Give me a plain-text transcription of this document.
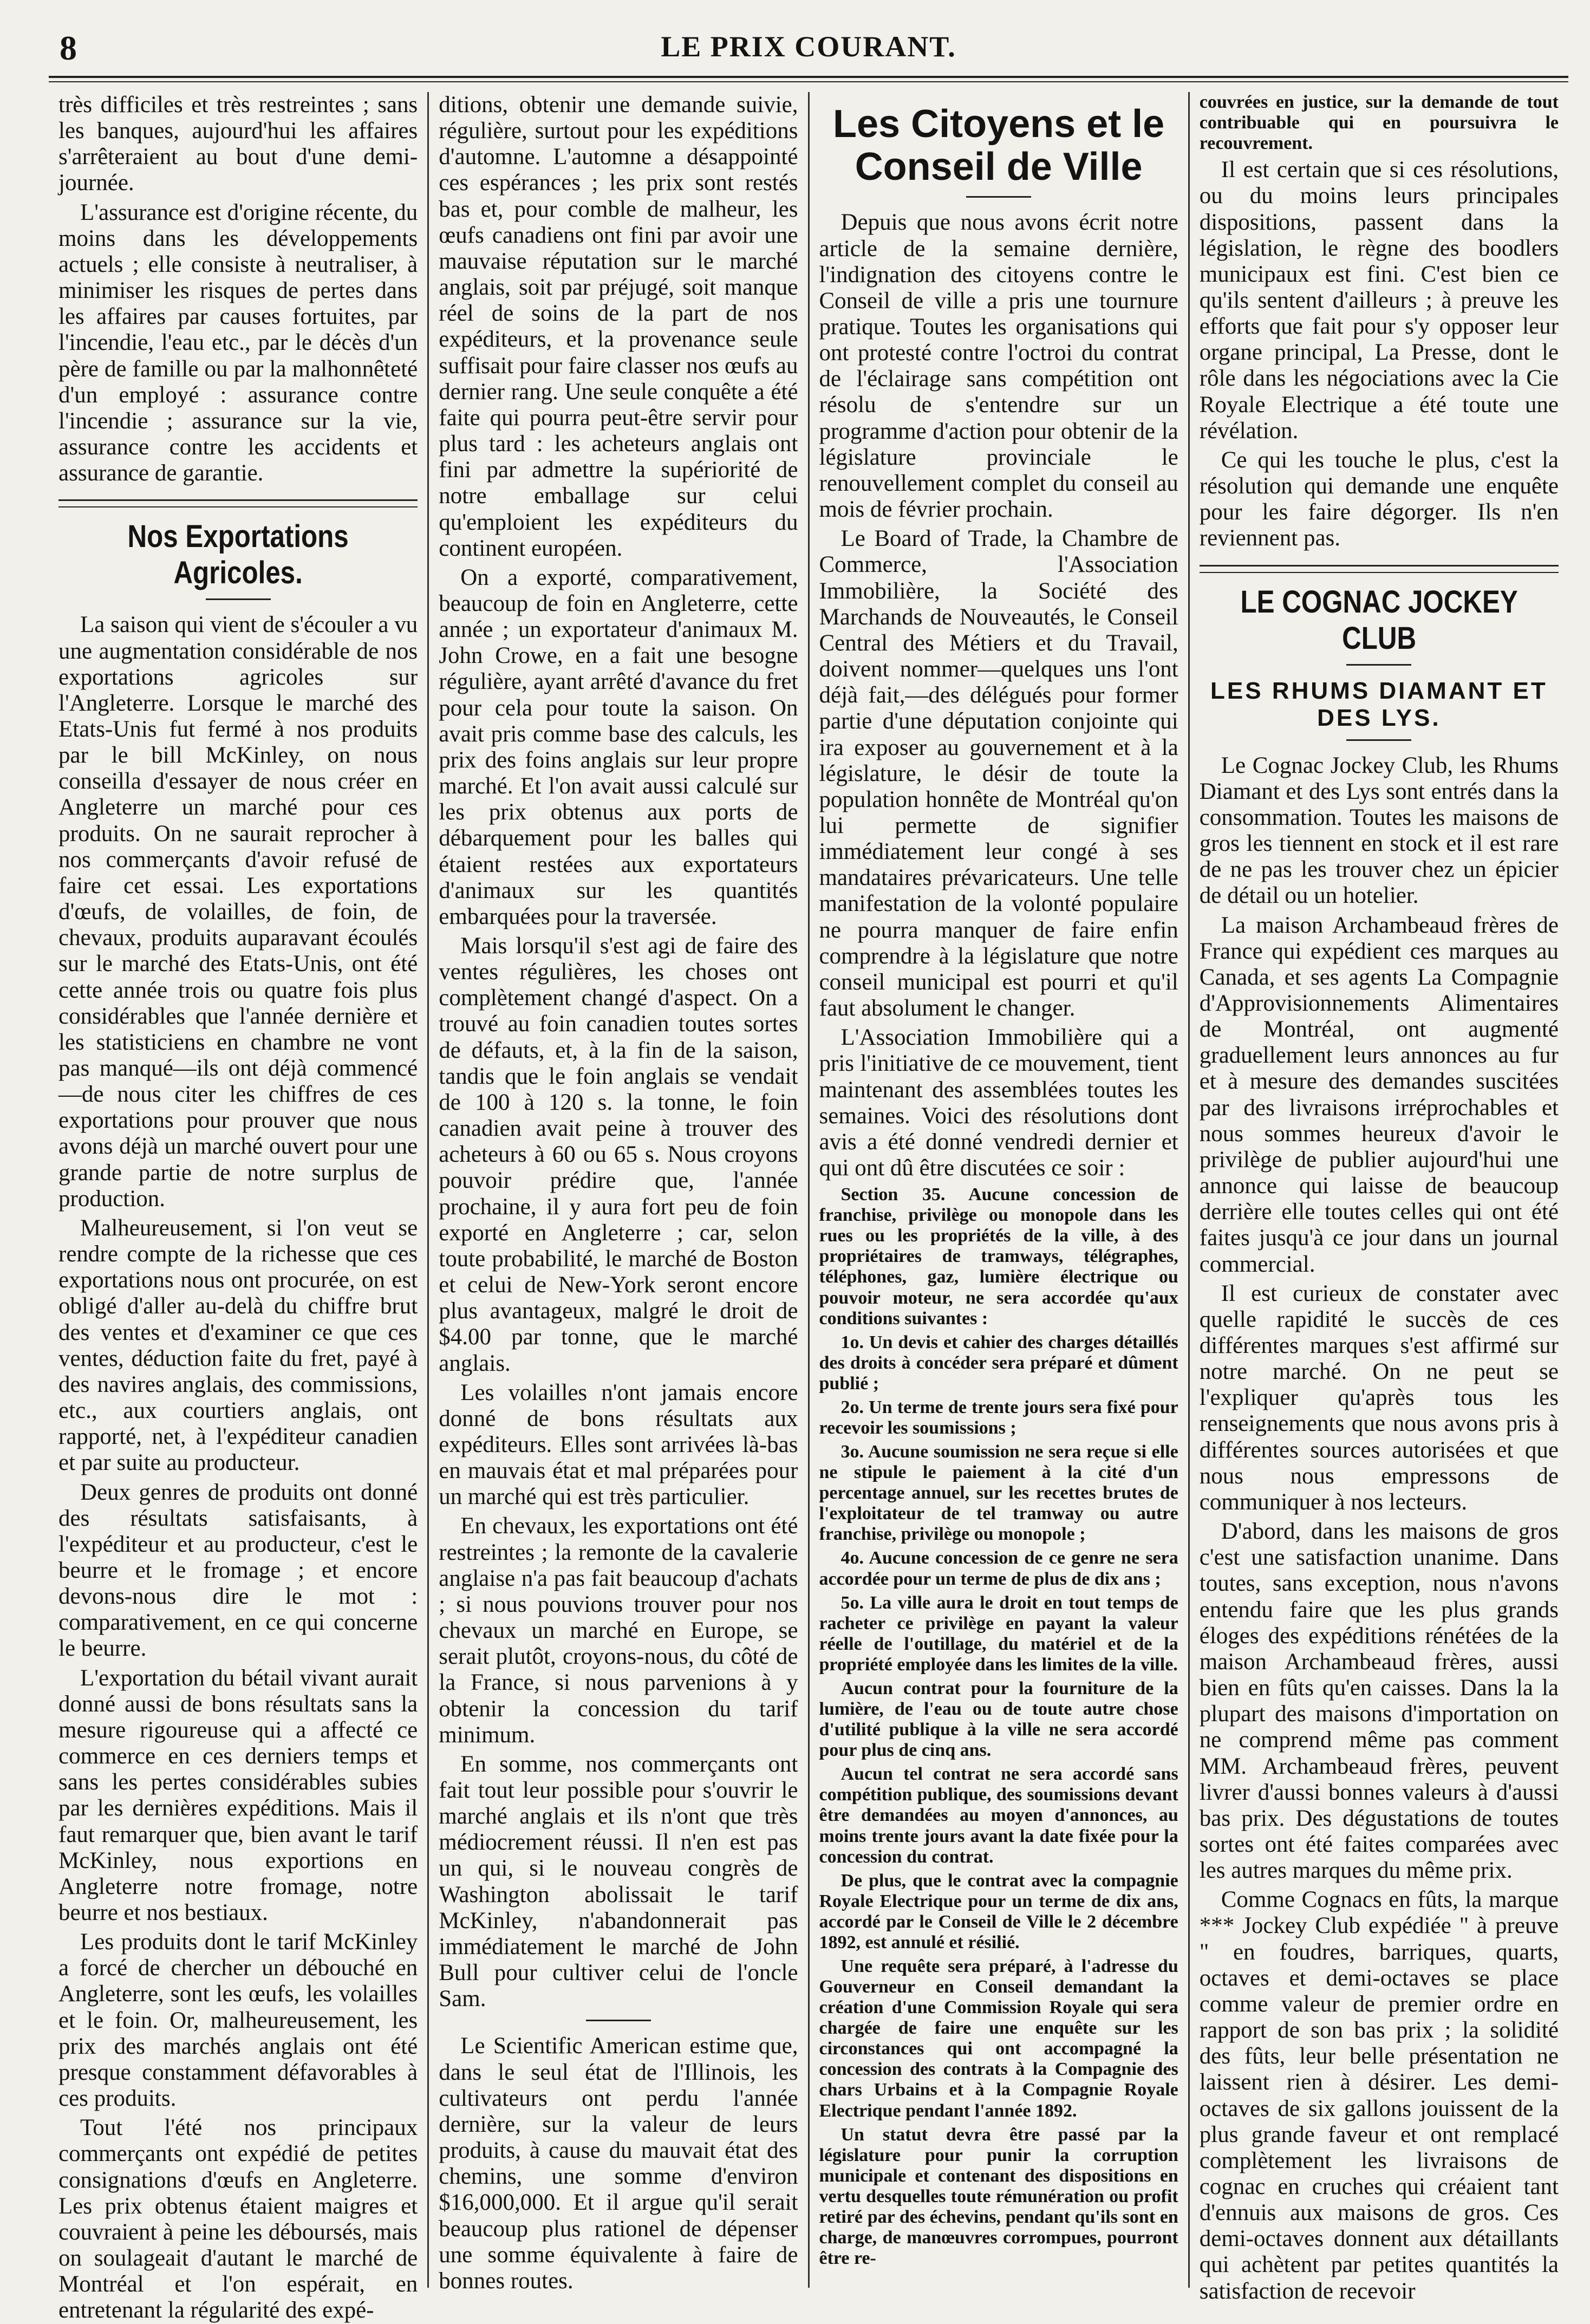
8	LE PRIX COURANT.

très difficiles et très restreintes ; sans les banques, aujourd'hui les affaires s'arrêteraient au bout d'une demi-journée.

L'assurance est d'origine récente, du moins dans les développements actuels ; elle consiste à neutraliser, à minimiser les risques de pertes dans les affaires par causes fortuites, par l'incendie, l'eau etc., par le décès d'un père de famille ou par la malhonnêteté d'un employé : assurance contre l'incendie ; assurance sur la vie, assurance contre les accidents et assurance de garantie.

Nos Exportations Agricoles.

La saison qui vient de s'écouler a vu une augmentation considérable de nos exportations agricoles sur l'Angleterre. Lorsque le marché des Etats-Unis fut fermé à nos produits par le bill McKinley, on nous conseilla d'essayer de nous créer en Angleterre un marché pour ces produits. On ne saurait reprocher à nos commerçants d'avoir refusé de faire cet essai. Les exportations d'œufs, de volailles, de foin, de chevaux, produits auparavant écoulés sur le marché des Etats-Unis, ont été cette année trois ou quatre fois plus considérables que l'année dernière et les statisticiens en chambre ne vont pas manqué—ils ont déjà commencé—de nous citer les chiffres de ces exportations pour prouver que nous avons déjà un marché ouvert pour une grande partie de notre surplus de production.

Malheureusement, si l'on veut se rendre compte de la richesse que ces exportations nous ont procurée, on est obligé d'aller au-delà du chiffre brut des ventes et d'examiner ce que ces ventes, déduction faite du fret, payé à des navires anglais, des commissions, etc., aux courtiers anglais, ont rapporté, net, à l'expéditeur canadien et par suite au producteur.

Deux genres de produits ont donné des résultats satisfaisants, à l'expéditeur et au producteur, c'est le beurre et le fromage ; et encore devons-nous dire le mot : comparativement, en ce qui concerne le beurre.

L'exportation du bétail vivant aurait donné aussi de bons résultats sans la mesure rigoureuse qui a affecté ce commerce en ces derniers temps et sans les pertes considérables subies par les dernières expéditions. Mais il faut remarquer que, bien avant le tarif McKinley, nous exportions en Angleterre notre fromage, notre beurre et nos bestiaux.

Les produits dont le tarif McKinley a forcé de chercher un débouché en Angleterre, sont les œufs, les volailles et le foin. Or, malheureusement, les prix des marchés anglais ont été presque constamment défavorables à ces produits.

Tout l'été nos principaux commerçants ont expédié de petites consignations d'œufs en Angleterre. Les prix obtenus étaient maigres et couvraient à peine les déboursés, mais on soulageait d'autant le marché de Montréal et l'on espérait, en entretenant la régularité des expé-

ditions, obtenir une demande suivie, régulière, surtout pour les expéditions d'automne. L'automne a désappointé ces espérances ; les prix sont restés bas et, pour comble de malheur, les œufs canadiens ont fini par avoir une mauvaise réputation sur le marché anglais, soit par préjugé, soit manque réel de soins de la part de nos expéditeurs, et la provenance seule suffisait pour faire classer nos œufs au dernier rang. Une seule conquête a été faite qui pourra peut-être servir pour plus tard : les acheteurs anglais ont fini par admettre la supériorité de notre emballage sur celui qu'emploient les expéditeurs du continent européen.

On a exporté, comparativement, beaucoup de foin en Angleterre, cette année ; un exportateur d'animaux M. John Crowe, en a fait une besogne régulière, ayant arrêté d'avance du fret pour cela pour toute la saison. On avait pris comme base des calculs, les prix des foins anglais sur leur propre marché. Et l'on avait aussi calculé sur les prix obtenus aux ports de débarquement pour les balles qui étaient restées aux exportateurs d'animaux sur les quantités embarquées pour la traversée.

Mais lorsqu'il s'est agi de faire des ventes régulières, les choses ont complètement changé d'aspect. On a trouvé au foin canadien toutes sortes de défauts, et, à la fin de la saison, tandis que le foin anglais se vendait de 100 à 120 s. la tonne, le foin canadien avait peine à trouver des acheteurs à 60 ou 65 s. Nous croyons pouvoir prédire que, l'année prochaine, il y aura fort peu de foin exporté en Angleterre ; car, selon toute probabilité, le marché de Boston et celui de New-York seront encore plus avantageux, malgré le droit de $4.00 par tonne, que le marché anglais.

Les volailles n'ont jamais encore donné de bons résultats aux expéditeurs. Elles sont arrivées là-bas en mauvais état et mal préparées pour un marché qui est très particulier.

En chevaux, les exportations ont été restreintes ; la remonte de la cavalerie anglaise n'a pas fait beaucoup d'achats ; si nous pouvions trouver pour nos chevaux un marché en Europe, se serait plutôt, croyons-nous, du côté de la France, si nous parvenions à y obtenir la concession du tarif minimum.

En somme, nos commerçants ont fait tout leur possible pour s'ouvrir le marché anglais et ils n'ont que très médiocrement réussi. Il n'en est pas un qui, si le nouveau congrès de Washington abolissait le tarif McKinley, n'abandonnerait pas immédiatement le marché de John Bull pour cultiver celui de l'oncle Sam.

Le Scientific American estime que, dans le seul état de l'Illinois, les cultivateurs ont perdu l'année dernière, sur la valeur de leurs produits, à cause du mauvait état des chemins, une somme d'environ $16,000,000. Et il argue qu'il serait beaucoup plus rationel de dépenser une somme équivalente à faire de bonnes routes.

Les Citoyens et le Conseil de Ville

Depuis que nous avons écrit notre article de la semaine dernière, l'indignation des citoyens contre le Conseil de ville a pris une tournure pratique. Toutes les organisations qui ont protesté contre l'octroi du contrat de l'éclairage sans compétition ont résolu de s'entendre sur un programme d'action pour obtenir de la législature provinciale le renouvellement complet du conseil au mois de février prochain.

Le Board of Trade, la Chambre de Commerce, l'Association Immobilière, la Société des Marchands de Nouveautés, le Conseil Central des Métiers et du Travail, doivent nommer—quelques uns l'ont déjà fait,—des délégués pour former partie d'une députation conjointe qui ira exposer au gouvernement et à la législature, le désir de toute la population honnête de Montréal qu'on lui permette de signifier immédiatement leur congé à ses mandataires prévaricateurs. Une telle manifestation de la volonté populaire ne pourra manquer de faire enfin comprendre à la législature que notre conseil municipal est pourri et qu'il faut absolument le changer.

L'Association Immobilière qui a pris l'initiative de ce mouvement, tient maintenant des assemblées toutes les semaines. Voici des résolutions dont avis a été donné vendredi dernier et qui ont dû être discutées ce soir :

Section 35. Aucune concession de franchise, privilège ou monopole dans les rues ou les propriétés de la ville, à des propriétaires de tramways, télégraphes, téléphones, gaz, lumière électrique ou pouvoir moteur, ne sera accordée qu'aux conditions suivantes :

1o. Un devis et cahier des charges détaillés des droits à concéder sera préparé et dûment publié ;

2o. Un terme de trente jours sera fixé pour recevoir les soumissions ;

3o. Aucune soumission ne sera reçue si elle ne stipule le paiement à la cité d'un percentage annuel, sur les recettes brutes de l'exploitateur de tel tramway ou autre franchise, privilège ou monopole ;

4o. Aucune concession de ce genre ne sera accordée pour un terme de plus de dix ans ;

5o. La ville aura le droit en tout temps de racheter ce privilège en payant la valeur réelle de l'outillage, du matériel et de la propriété employée dans les limites de la ville.

Aucun contrat pour la fourniture de la lumière, de l'eau ou de toute autre chose d'utilité publique à la ville ne sera accordé pour plus de cinq ans.

Aucun tel contrat ne sera accordé sans compétition publique, des soumissions devant être demandées au moyen d'annonces, au moins trente jours avant la date fixée pour la concession du contrat.

De plus, que le contrat avec la compagnie Royale Electrique pour un terme de dix ans, accordé par le Conseil de Ville le 2 décembre 1892, est annulé et résilié.

Une requête sera préparé, à l'adresse du Gouverneur en Conseil demandant la création d'une Commission Royale qui sera chargée de faire une enquête sur les circonstances qui ont accompagné la concession des contrats à la Compagnie des chars Urbains et à la Compagnie Royale Electrique pendant l'année 1892.

Un statut devra être passé par la législature pour punir la corruption municipale et contenant des dispositions en vertu desquelles toute rémunération ou profit retiré par des échevins, pendant qu'ils sont en charge, de manœuvres corrompues, pourront être re-

couvrées en justice, sur la demande de tout contribuable qui en poursuivra le recouvrement.

Il est certain que si ces résolutions, ou du moins leurs principales dispositions, passent dans la législation, le règne des boodlers municipaux est fini. C'est bien ce qu'ils sentent d'ailleurs ; à preuve les efforts que fait pour s'y opposer leur organe principal, La Presse, dont le rôle dans les négociations avec la Cie Royale Electrique a été toute une révélation.

Ce qui les touche le plus, c'est la résolution qui demande une enquête pour les faire dégorger. Ils n'en reviennent pas.

LE COGNAC JOCKEY CLUB
LES RHUMS DIAMANT ET DES LYS.

Le Cognac Jockey Club, les Rhums Diamant et des Lys sont entrés dans la consommation. Toutes les maisons de gros les tiennent en stock et il est rare de ne pas les trouver chez un épicier de détail ou un hotelier.

La maison Archambeaud frères de France qui expédient ces marques au Canada, et ses agents La Compagnie d'Approvisionnements Alimentaires de Montréal, ont augmenté graduellement leurs annonces au fur et à mesure des demandes suscitées par des livraisons irréprochables et nous sommes heureux d'avoir le privilège de publier aujourd'hui une annonce qui laisse de beaucoup derrière elle toutes celles qui ont été faites jusqu'à ce jour dans un journal commercial.

Il est curieux de constater avec quelle rapidité le succès de ces différentes marques s'est affirmé sur notre marché. On ne peut se l'expliquer qu'après tous les renseignements que nous avons pris à différentes sources autorisées et que nous nous empressons de communiquer à nos lecteurs.

D'abord, dans les maisons de gros c'est une satisfaction unanime. Dans toutes, sans exception, nous n'avons entendu faire que les plus grands éloges des expéditions rénétées de la maison Archambeaud frères, aussi bien en fûts qu'en caisses. Dans la la plupart des maisons d'importation on ne comprend même pas comment MM. Archambeaud frères, peuvent livrer d'aussi bonnes valeurs à d'aussi bas prix. Des dégustations de toutes sortes ont été faites comparées avec les autres marques du même prix.

Comme Cognacs en fûts, la marque *** Jockey Club expédiée " à preuve " en foudres, barriques, quarts, octaves et demi-octaves se place comme valeur de premier ordre en rapport de son bas prix ; la solidité des fûts, leur belle présentation ne laissent rien à désirer. Les demi-octaves de six gallons jouissent de la plus grande faveur et ont remplacé complètement les livraisons de cognac en cruches qui créaient tant d'ennuis aux maisons de gros. Ces demi-octaves donnent aux détaillants qui achètent par petites quantités la satisfaction de recevoir
